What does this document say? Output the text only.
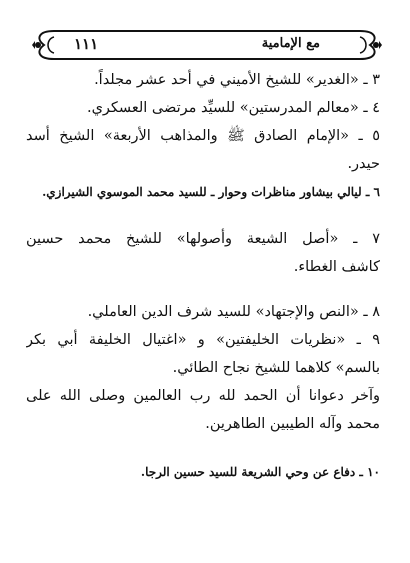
مع الإمامية
١١١
٣ ـ «الغدير» للشيخ الأميني في أحد عشر مجلداً.
٤ ـ «معالم المدرستين» للسيِّد مرتضى العسكري.
٥ ـ «الإمام الصادق ﷺ والمذاهب الأربعة» الشيخ أسد
حيدر.
٦ ـ ليالي بيشاور مناظرات وحوار ـ للسيد محمد الموسوي الشيرازي.
٧ ـ «أصل الشيعة وأصولها» للشيخ محمد حسين
كاشف الغطاء.
٨ ـ «النص والإجتهاد» للسيد شرف الدين العاملي.
٩ ـ «نظريات الخليفتين» و «اغتيال الخليفة أبي بكر
بالسم» كلاهما للشيخ نجاح الطائي.
وآخر دعوانا أن الحمد لله رب العالمين وصلى الله على
محمد وآله الطيبين الطاهرين.
١٠ ـ دفاع عن وحي الشريعة للسيد حسين الرجا.
